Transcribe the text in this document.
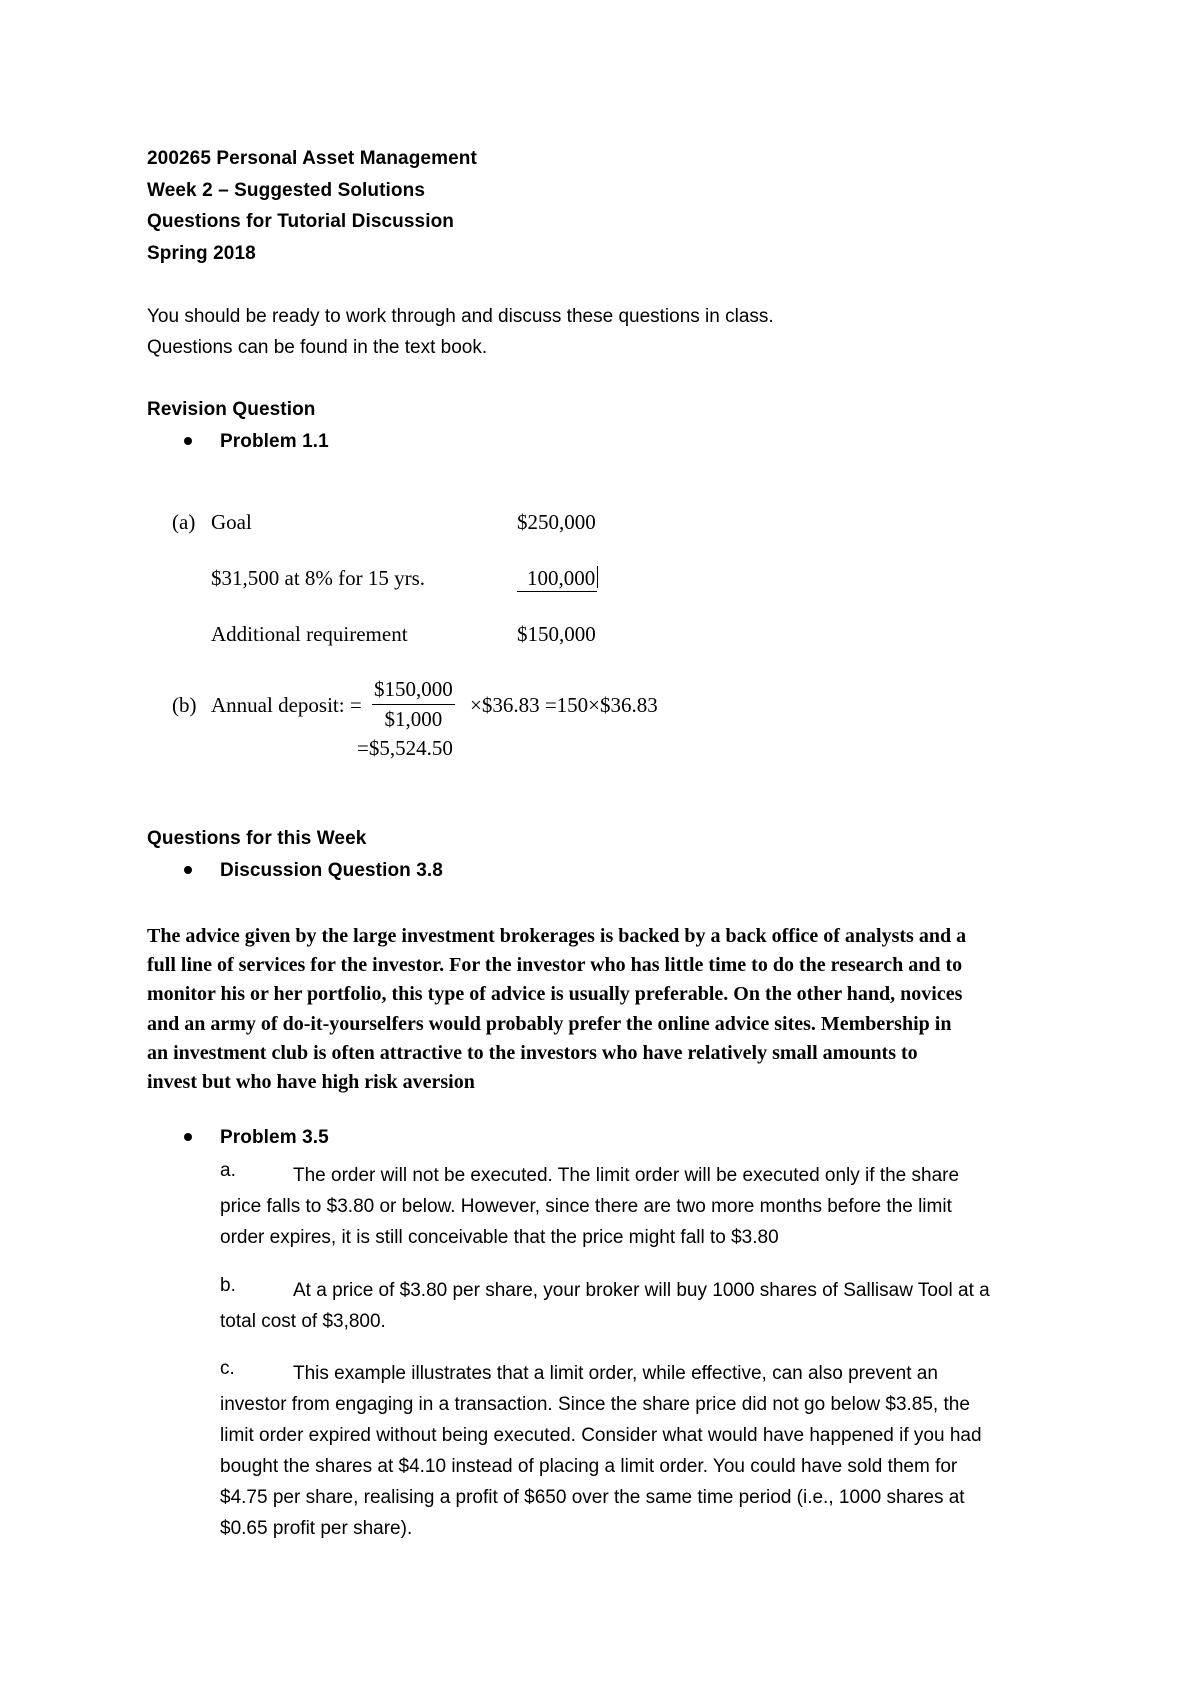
200265 Personal Asset Management
Week 2 – Suggested Solutions
Questions for Tutorial Discussion
Spring 2018
You should be ready to work through and discuss these questions in class.
Questions can be found in the text book.
Revision Question
Problem 1.1
(a) Goal	$250,000
$31,500 at 8% for 15 yrs.	100,000
Additional requirement	$150,000
(b) Annual deposit: = $\frac{\$150,000}{\$1,000}$ ×$36.83 =150×$36.83
=$5,524.50
Questions for this Week
Discussion Question 3.8
The advice given by the large investment brokerages is backed by a back office of analysts and a
full line of services for the investor. For the investor who has little time to do the research and to
monitor his or her portfolio, this type of advice is usually preferable. On the other hand, novices
and an army of do-it-yourselfers would probably prefer the online advice sites. Membership in
an investment club is often attractive to the investors who have relatively small amounts to
invest but who have high risk aversion
Problem 3.5
a.	The order will not be executed. The limit order will be executed only if the share
price falls to $3.80 or below. However, since there are two more months before the limit
order expires, it is still conceivable that the price might fall to $3.80
b.	At a price of $3.80 per share, your broker will buy 1000 shares of Sallisaw Tool at a
total cost of $3,800.
c.	This example illustrates that a limit order, while effective, can also prevent an
investor from engaging in a transaction. Since the share price did not go below $3.85, the
limit order expired without being executed. Consider what would have happened if you had
bought the shares at $4.10 instead of placing a limit order. You could have sold them for
$4.75 per share, realising a profit of $650 over the same time period (i.e., 1000 shares at
$0.65 profit per share).
